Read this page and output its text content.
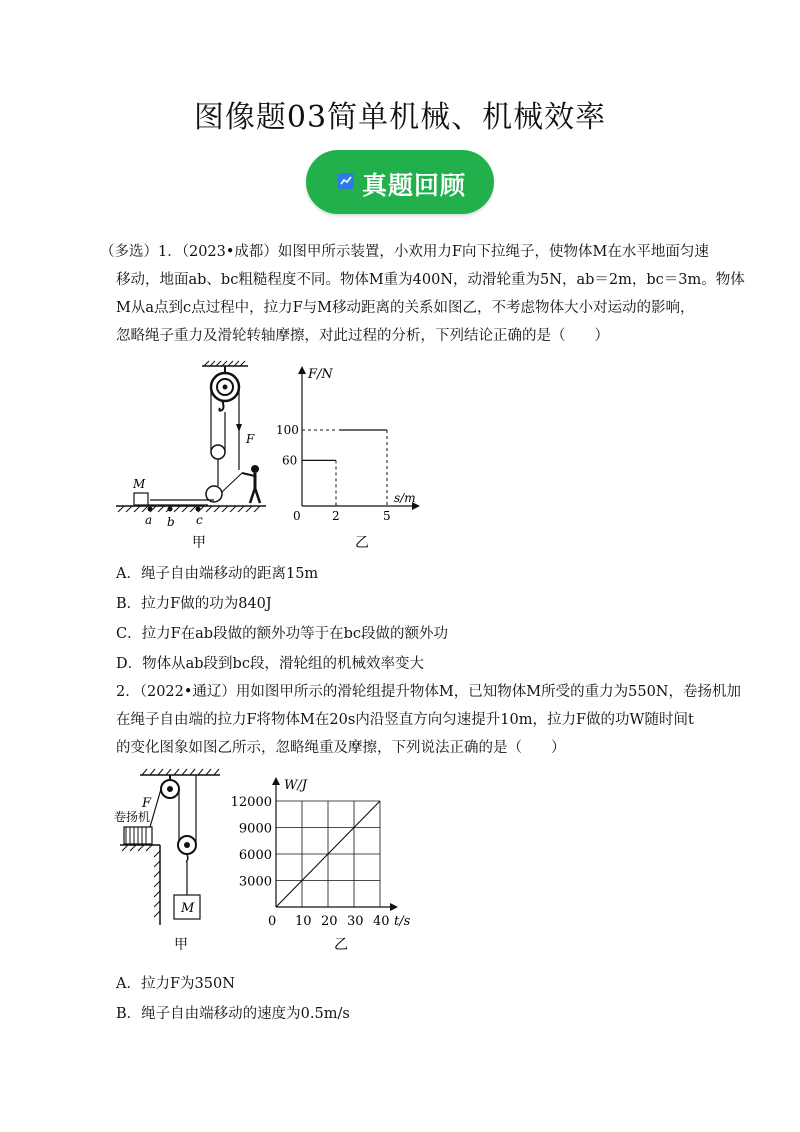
图像题03简单机械、机械效率
真题回顾
（多选）1．（2023•成都）如图甲所示装置，小欢用力F向下拉绳子，使物体M在水平地面匀速
移动，地面ab、bc粗糙程度不同。物体M重为400N，动滑轮重为5N，ab＝2m，bc＝3m。物体
M从a点到c点过程中，拉力F与M移动距离的关系如图乙，不考虑物体大小对运动的影响，
忽略绳子重力及滑轮转轴摩擦，对此过程的分析，下列结论正确的是（　　）
F
M
a b c
甲
F/N
s/m
0	2	5
100
60
乙
A．绳子自由端移动的距离15m
B．拉力F做的功为840J
C．拉力F在ab段做的额外功等于在bc段做的额外功
D．物体从ab段到bc段，滑轮组的机械效率变大
2．（2022•通辽）用如图甲所示的滑轮组提升物体M，已知物体M所受的重力为550N，卷扬机加
在绳子自由端的拉力F将物体M在20s内沿竖直方向匀速提升10m，拉力F做的功W随时间t
的变化图象如图乙所示，忽略绳重及摩擦，下列说法正确的是（　　）
卷扬机
F
M
甲
W/J
t/s
0 10 20 30 40
12000
9000
6000
3000
乙
A．拉力F为350N
B．绳子自由端移动的速度为0.5m/s
